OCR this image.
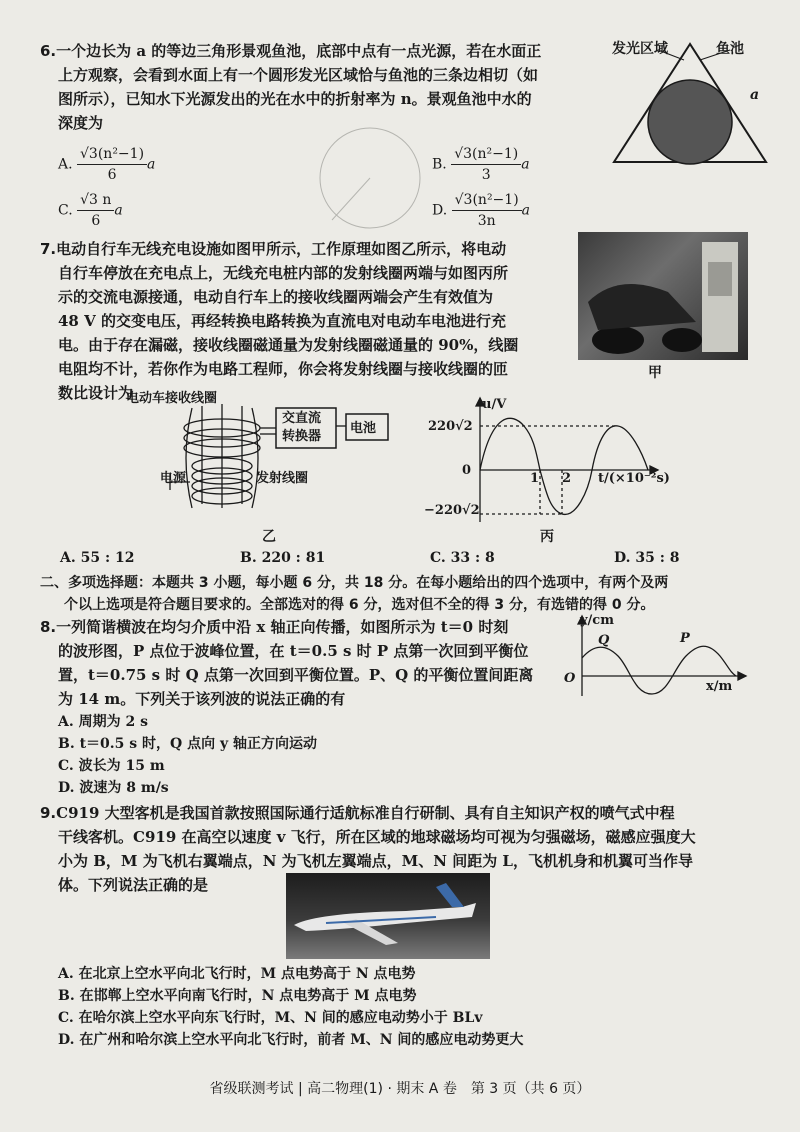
6.一个边长为 a 的等边三角形景观鱼池，底部中点有一点光源，若在水面正
上方观察，会看到水面上有一个圆形发光区域恰与鱼池的三条边相切（如
图所示），已知水下光源发出的光在水中的折射率为 n。景观鱼池中水的
深度为
发光区域	鱼池
a
A. $\frac{\text{√3(n²−1)}}{6}$ a	B. $\frac{\text{√3(n²−1)}}{3}$ a
C. $\frac{√3 n}{6}$ a	D. $\frac{\text{√3(n²−1)}}{3n}$ a
7.电动自行车无线充电设施如图甲所示，工作原理如图乙所示，将电动
自行车停放在充电点上，无线充电桩内部的发射线圈两端与如图丙所
示的交流电源接通，电动自行车上的接收线圈两端会产生有效值为
48 V 的交变电压，再经转换电路转换为直流电对电动车电池进行充
电。由于存在漏磁，接收线圈磁通量为发射线圈磁通量的 90%，线圈
电阻均不计，若你作为电路工程师，你会将发射线圈与接收线圈的匝
数比设计为
甲
电动车接收线圈
交直流
转换器
电池
电源	发射线圈
乙
u/V
220√2
−220√2
0
1 2 t/(×10⁻²s)
丙
A. 55 : 12	B. 220 : 81	C. 33 : 8	D. 35 : 8
二、多项选择题：本题共 3 小题，每小题 6 分，共 18 分。在每小题给出的四个选项中，有两个及两
个以上选项是符合题目要求的。全部选对的得 6 分，选对但不全的得 3 分，有选错的得 0 分。
8.一列简谐横波在均匀介质中沿 x 轴正向传播，如图所示为 t＝0 时刻
的波形图，P 点位于波峰位置，在 t＝0.5 s 时 P 点第一次回到平衡位
置，t＝0.75 s 时 Q 点第一次回到平衡位置。P、Q 的平衡位置间距离
为 14 m。下列关于该列波的说法正确的有
y/cm
x/m
O
Q	P
A. 周期为 2 s
B. t＝0.5 s 时，Q 点向 y 轴正方向运动
C. 波长为 15 m
D. 波速为 8 m/s
9.C919 大型客机是我国首款按照国际通行适航标准自行研制、具有自主知识产权的喷气式中程
干线客机。C919 在高空以速度 v 飞行，所在区域的地球磁场均可视为匀强磁场，磁感应强度大
小为 B，M 为飞机右翼端点，N 为飞机左翼端点，M、N 间距为 L，飞机机身和机翼可当作导
体。下列说法正确的是
A. 在北京上空水平向北飞行时，M 点电势高于 N 点电势
B. 在邯郸上空水平向南飞行时，N 点电势高于 M 点电势
C. 在哈尔滨上空水平向东飞行时，M、N 间的感应电动势小于 BLv
D. 在广州和哈尔滨上空水平向北飞行时，前者 M、N 间的感应电动势更大
省级联测考试 | 高二物理(1) · 期末 A 卷　第 3 页（共 6 页）
